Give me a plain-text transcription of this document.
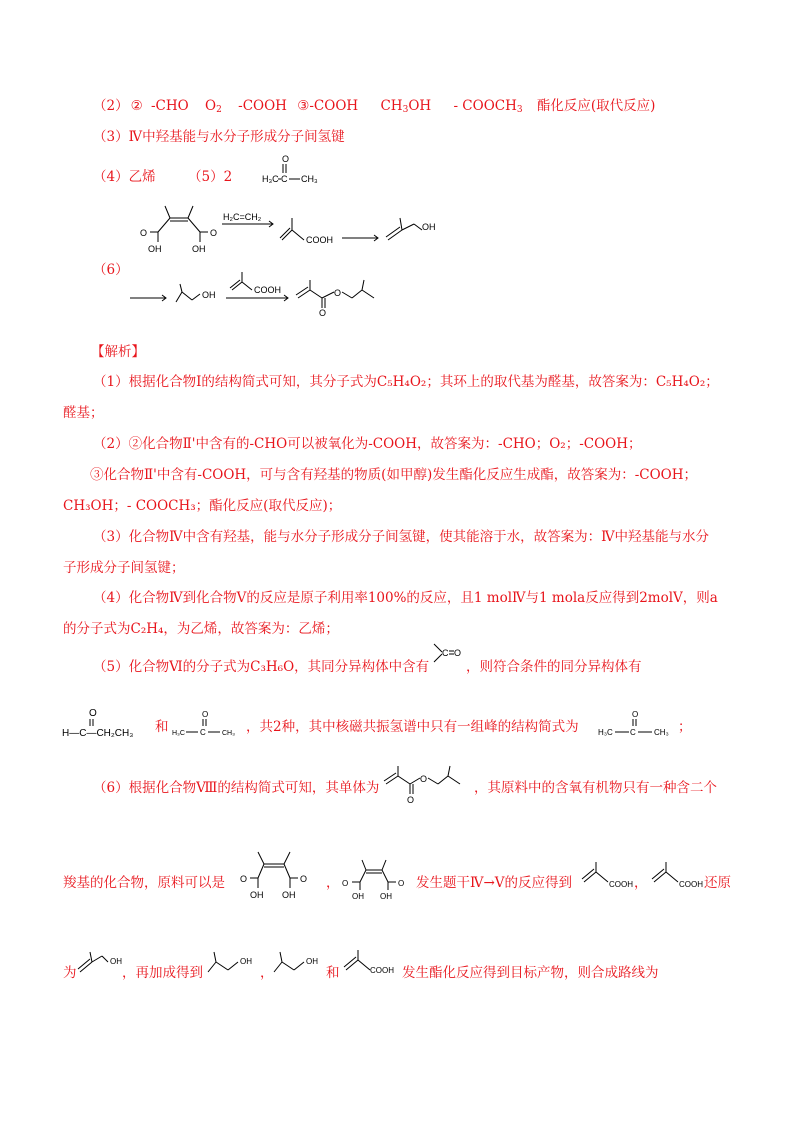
（2） ② -CHO $O_2$ -COOH ③-COOH $CH_3OH$ - $COOCH_3$ 酯化反应(取代反应)
（3）Ⅳ中羟基能与水分子形成分子间氢键
（4）乙烯 （5）2
O
H₃C C CH₃
（6）
O
OH
O
OH
H₂C=CH₂
COOH
OH
OH	COOH
O
O
【解析】
（1）根据化合物Ⅰ的结构简式可知，其分子式为C₅H₄O₂；其环上的取代基为醛基，故答案为：C₅H₄O₂；
醛基；
（2）②化合物Ⅱ'中含有的-CHO可以被氧化为-COOH，故答案为：-CHO；O₂；-COOH；
③化合物Ⅱ'中含有-COOH，可与含有羟基的物质(如甲醇)发生酯化反应生成酯，故答案为：-COOH；
CH₃OH；- COOCH₃；酯化反应(取代反应)；
（3）化合物Ⅳ中含有羟基，能与水分子形成分子间氢键，使其能溶于水，故答案为：Ⅳ中羟基能与水分
子形成分子间氢键；
（4）化合物Ⅳ到化合物Ⅴ的反应是原子利用率100%的反应，且1 molⅣ与1 mola反应得到2molⅤ，则a
的分子式为C₂H₄，为乙烯，故答案为：乙烯；
（5）化合物Ⅵ的分子式为C₃H₆O，其同分异构体中含有
C O
，则符合条件的同分异构体有
O
H—C—CH₂CH₃ 和
O
H₃C C CH₃ ，共2种，其中核磁共振氢谱中只有一组峰的结构简式为
O
H₃C C CH₃ ；
（6）根据化合物Ⅷ的结构简式可知，其单体为
O
O
，其原料中的含氧有机物只有一种含二个
羧基的化合物，原料可以是 O
OH
O
OH
， O
OH
O
OH
发生题干Ⅳ→Ⅴ的反应得到	COOH ，	COOH 还原
为
OH
，再加成得到
OH
，
OH
和	COOH 发生酯化反应得到目标产物，则合成路线为
